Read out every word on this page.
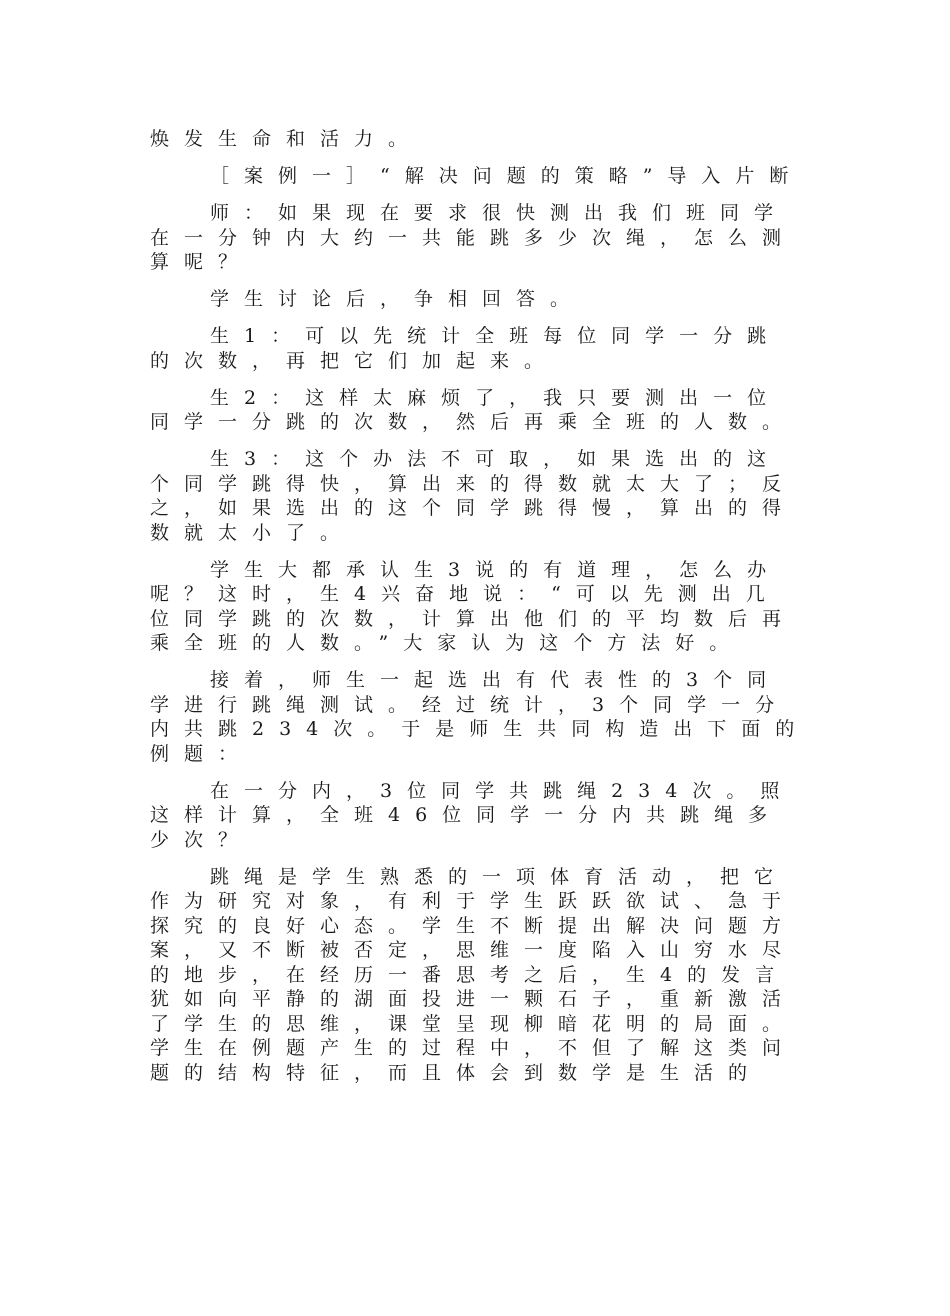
焕发生命和活力。

［案例一］“解决问题的策略”导入片断

师：如果现在要求很快测出我们班同学在一分钟内大约一共能跳多少次绳，怎么测算呢？

学生讨论后，争相回答。

生1：可以先统计全班每位同学一分跳的次数，再把它们加起来。

生2：这样太麻烦了，我只要测出一位同学一分跳的次数，然后再乘全班的人数。

生3：这个办法不可取，如果选出的这个同学跳得快，算出来的得数就太大了；反之，如果选出的这个同学跳得慢，算出的得数就太小了。

学生大都承认生3说的有道理，怎么办呢？这时，生4兴奋地说：“可以先测出几位同学跳的次数，计算出他们的平均数后再乘全班的人数。”大家认为这个方法好。

接着，师生一起选出有代表性的3个同学进行跳绳测试。经过统计，3个同学一分内共跳234次。于是师生共同构造出下面的例题：

在一分内，3位同学共跳绳234次。照这样计算，全班46位同学一分内共跳绳多少次？

跳绳是学生熟悉的一项体育活动，把它作为研究对象，有利于学生跃跃欲试、急于探究的良好心态。学生不断提出解决问题方案，又不断被否定，思维一度陷入山穷水尽的地步，在经历一番思考之后，生4的发言犹如向平静的湖面投进一颗石子，重新激活了学生的思维，课堂呈现柳暗花明的局面。学生在例题产生的过程中，不但了解这类问题的结构特征，而且体会到数学是生活的
